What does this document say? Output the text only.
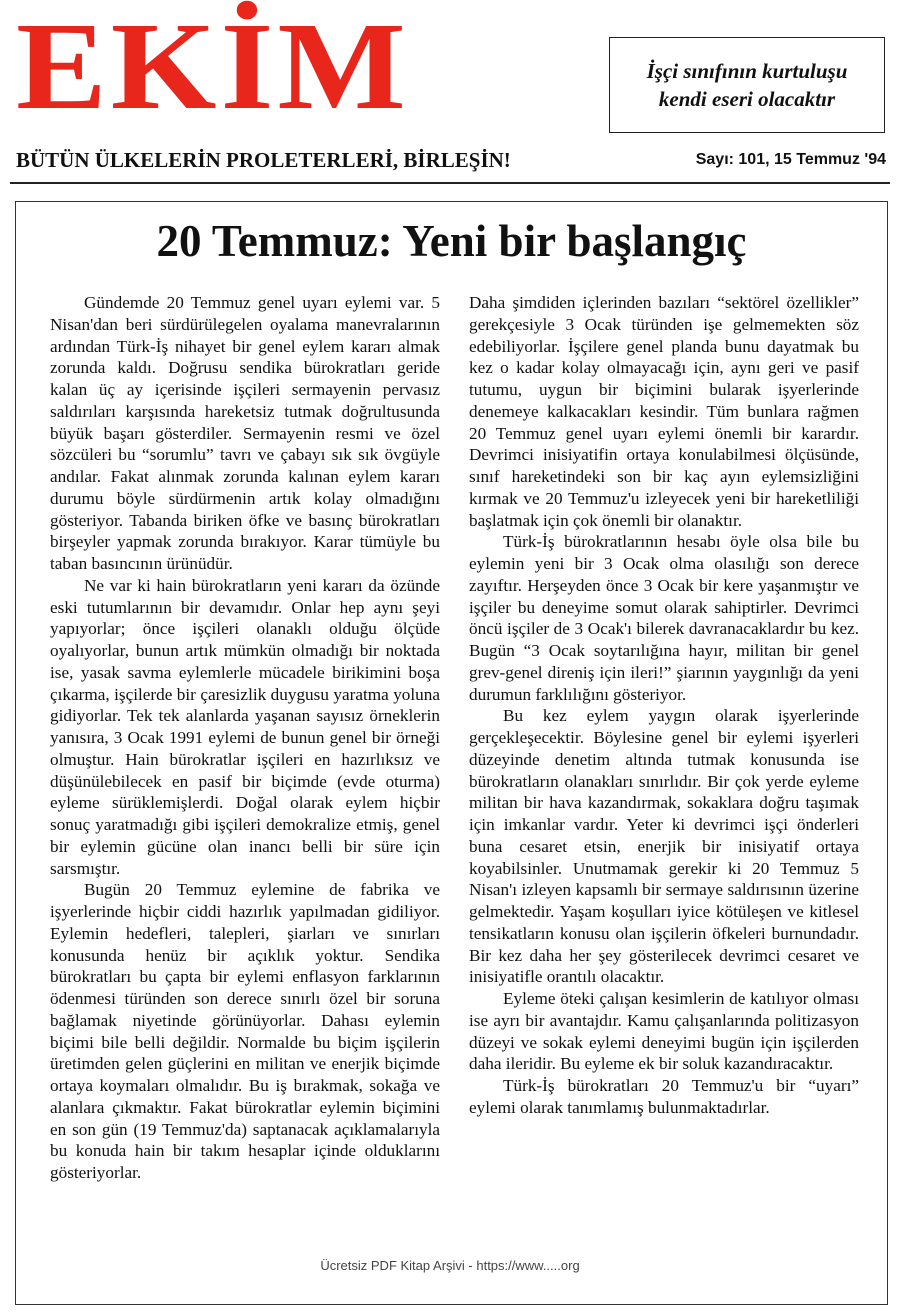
EKİM	İşçi sınıfının kurtuluşu
kendi eseri olacaktır
BÜTÜN ÜLKELERİN PROLETERLERİ, BİRLEŞİN!	Sayı: 101, 15 Temmuz '94
20 Temmuz: Yeni bir başlangıç

Gündemde 20 Temmuz genel uyarı eylemi var. 5 Nisan'dan beri sürdürülegelen oyalama manevralarının ardından Türk-İş nihayet bir genel eylem kararı almak zorunda kaldı. Doğrusu sendika bürokratları geride kalan üç ay içerisinde işçileri sermayenin pervasız saldırıları karşısında hareketsiz tutmak doğrultusunda büyük başarı gösterdiler. Sermayenin resmi ve özel sözcüleri bu “sorumlu” tavrı ve çabayı sık sık övgüyle andılar. Fakat alınmak zorunda kalınan eylem kararı durumu böyle sürdürmenin artık kolay olmadığını gösteriyor. Tabanda biriken öfke ve basınç bürokratları birşeyler yapmak zorunda bırakıyor. Karar tümüyle bu taban basıncının ürünüdür.

Ne var ki hain bürokratların yeni kararı da özünde eski tutumlarının bir devamıdır. Onlar hep aynı şeyi yapıyorlar; önce işçileri olanaklı olduğu ölçüde oyalıyorlar, bunun artık mümkün olmadığı bir noktada ise, yasak savma eylemlerle mücadele birikimini boşa çıkarma, işçilerde bir çaresizlik duygusu yaratma yoluna gidiyorlar. Tek tek alanlarda yaşanan sayısız örneklerin yanısıra, 3 Ocak 1991 eylemi de bunun genel bir örneği olmuştur. Hain bürokratlar işçileri en hazırlıksız ve düşünülebilecek en pasif bir biçimde (evde oturma) eyleme sürüklemişlerdi. Doğal olarak eylem hiçbir sonuç yaratmadığı gibi işçileri demokralize etmiş, genel bir eylemin gücüne olan inancı belli bir süre için sarsmıştır.

Bugün 20 Temmuz eylemine de fabrika ve işyerlerinde hiçbir ciddi hazırlık yapılmadan gidiliyor. Eylemin hedefleri, talepleri, şiarları ve sınırları konusunda henüz bir açıklık yoktur. Sendika bürokratları bu çapta bir eylemi enflasyon farklarının ödenmesi türünden son derece sınırlı özel bir soruna bağlamak niyetinde görünüyorlar. Dahası eylemin biçimi bile belli değildir. Normalde bu biçim işçilerin üretimden gelen güçlerini en militan ve enerjik biçimde ortaya koymaları olmalıdır. Bu iş bırakmak, sokağa ve alanlara çıkmaktır. Fakat bürokratlar eylemin biçimini en son gün (19 Temmuz'da) saptanacak açıklamalarıyla bu konuda hain bir takım hesaplar içinde olduklarını gösteriyorlar.

Daha şimdiden içlerinden bazıları “sektörel özellikler” gerekçesiyle 3 Ocak türünden işe gelmemekten söz edebiliyorlar. İşçilere genel planda bunu dayatmak bu kez o kadar kolay olmayacağı için, aynı geri ve pasif tutumu, uygun bir biçimini bularak işyerlerinde denemeye kalkacakları kesindir. Tüm bunlara rağmen 20 Temmuz genel uyarı eylemi önemli bir karardır. Devrimci inisiyatifin ortaya konulabilmesi ölçüsünde, sınıf hareketindeki son bir kaç ayın eylemsizliğini kırmak ve 20 Temmuz'u izleyecek yeni bir hareketliliği başlatmak için çok önemli bir olanaktır.

Türk-İş bürokratlarının hesabı öyle olsa bile bu eylemin yeni bir 3 Ocak olma olasılığı son derece zayıftır. Herşeyden önce 3 Ocak bir kere yaşanmıştır ve işçiler bu deneyime somut olarak sahiptirler. Devrimci öncü işçiler de 3 Ocak'ı bilerek davranacaklardır bu kez. Bugün “3 Ocak soytarılığına hayır, militan bir genel grev-genel direniş için ileri!” şiarının yaygınlığı da yeni durumun farklılığını gösteriyor.

Bu kez eylem yaygın olarak işyerlerinde gerçekleşecektir. Böylesine genel bir eylemi işyerleri düzeyinde denetim altında tutmak konusunda ise bürokratların olanakları sınırlıdır. Bir çok yerde eyleme militan bir hava kazandırmak, sokaklara doğru taşımak için imkanlar vardır. Yeter ki devrimci işçi önderleri buna cesaret etsin, enerjik bir inisiyatif ortaya koyabilsinler. Unutmamak gerekir ki 20 Temmuz 5 Nisan'ı izleyen kapsamlı bir sermaye saldırısının üzerine gelmektedir. Yaşam koşulları iyice kötüleşen ve kitlesel tensikatların konusu olan işçilerin öfkeleri burnundadır. Bir kez daha her şey gösterilecek devrimci cesaret ve inisiyatifle orantılı olacaktır.

Eyleme öteki çalışan kesimlerin de katılıyor olması ise ayrı bir avantajdır. Kamu çalışanlarında politizasyon düzeyi ve sokak eylemi deneyimi bugün için işçilerden daha ileridir. Bu eyleme ek bir soluk kazandıracaktır.

Türk-İş bürokratları 20 Temmuz'u bir “uyarı” eylemi olarak tanımlamış bulunmaktadırlar.

Ücretsiz PDF Kitap Arşivi - https://www.....org
